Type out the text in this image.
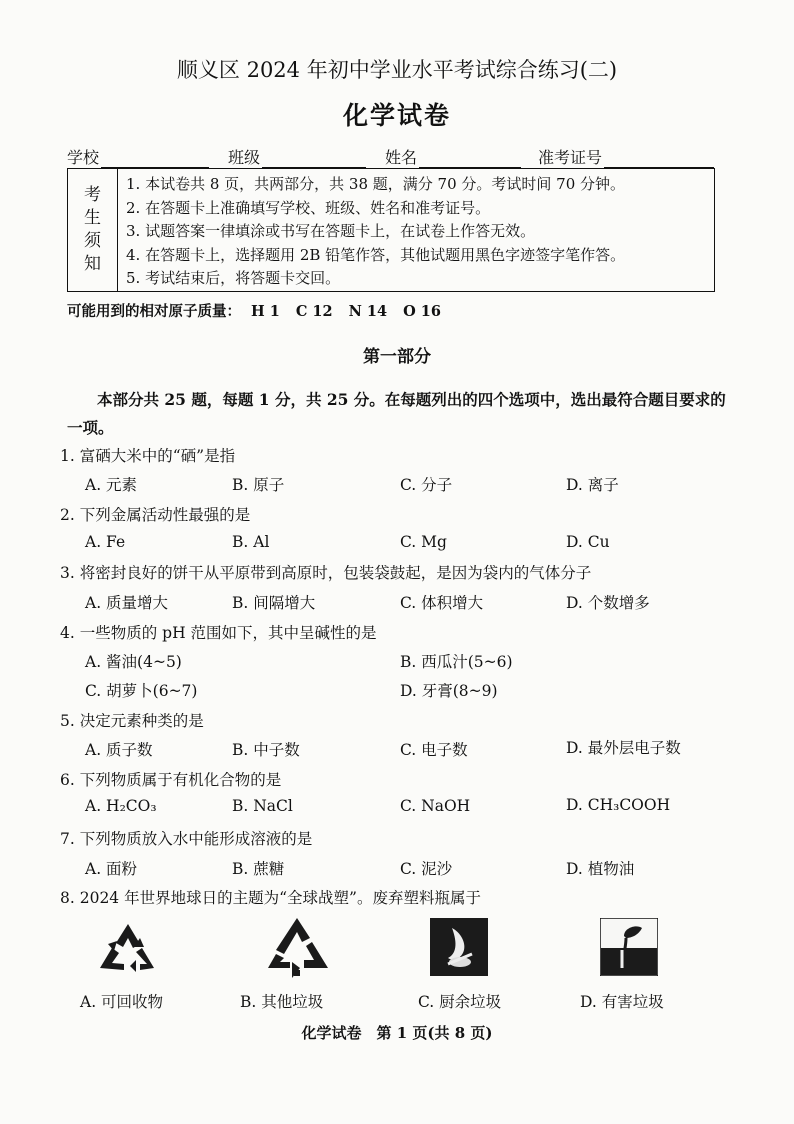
顺义区 2024 年初中学业水平考试综合练习(二)
化学试卷
学校	班级	姓名	准考证号
考
生
须
知
1. 本试卷共 8 页，共两部分，共 38 题，满分 70 分。考试时间 70 分钟。
2. 在答题卡上准确填写学校、班级、姓名和准考证号。
3. 试题答案一律填涂或书写在答题卡上，在试卷上作答无效。
4. 在答题卡上，选择题用 2B 铅笔作答，其他试题用黑色字迹签字笔作答。
5. 考试结束后，将答题卡交回。
可能用到的相对原子质量： H 1 C 12 N 14 O 16
第一部分
本部分共 25 题，每题 1 分，共 25 分。在每题列出的四个选项中，选出最符合题目要求的一项。
1. 富硒大米中的“硒”是指
A. 元素	B. 原子	C. 分子	D. 离子
2. 下列金属活动性最强的是
A. Fe	B. Al	C. Mg	D. Cu
3. 将密封良好的饼干从平原带到高原时，包装袋鼓起，是因为袋内的气体分子
A. 质量增大	B. 间隔增大	C. 体积增大	D. 个数增多
4. 一些物质的 pH 范围如下，其中呈碱性的是
A. 酱油(4~5)	B. 西瓜汁(5~6)
C. 胡萝卜(6~7)	D. 牙膏(8~9)
5. 决定元素种类的是
A. 质子数	B. 中子数	C. 电子数	D. 最外层电子数
6. 下列物质属于有机化合物的是
A. H₂CO₃	B. NaCl	C. NaOH	D. CH₃COOH
7. 下列物质放入水中能形成溶液的是
A. 面粉	B. 蔗糖	C. 泥沙	D. 植物油
8. 2024 年世界地球日的主题为“全球战塑”。废弃塑料瓶属于
A. 可回收物	B. 其他垃圾	C. 厨余垃圾	D. 有害垃圾
化学试卷　第 1 页(共 8 页)
